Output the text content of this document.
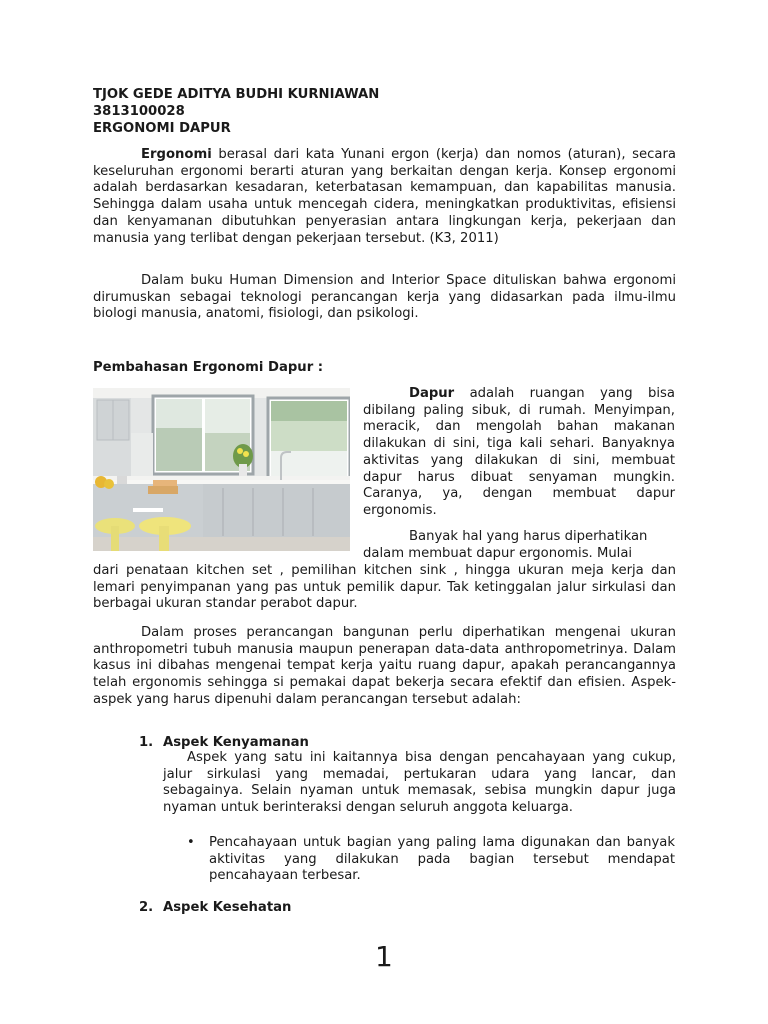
TJOK GEDE ADITYA BUDHI KURNIAWAN
3813100028
ERGONOMI DAPUR

Ergonomi berasal dari kata Yunani ergon (kerja) dan nomos (aturan), secara keseluruhan ergonomi berarti aturan yang berkaitan dengan kerja. Konsep ergonomi adalah berdasarkan kesadaran, keterbatasan kemampuan, dan kapabilitas manusia. Sehingga dalam usaha untuk mencegah cidera, meningkatkan produktivitas, efisiensi dan kenyamanan dibutuhkan penyerasian antara lingkungan kerja, pekerjaan dan manusia yang terlibat dengan pekerjaan tersebut. (K3, 2011)

Dalam buku Human Dimension and Interior Space dituliskan bahwa ergonomi dirumuskan sebagai teknologi perancangan kerja yang didasarkan pada ilmu-ilmu biologi manusia, anatomi, fisiologi, dan psikologi.

Pembahasan Ergonomi Dapur :

Dapur adalah ruangan yang bisa dibilang paling sibuk, di rumah. Menyimpan, meracik, dan mengolah bahan makanan dilakukan di sini, tiga kali sehari. Banyaknya aktivitas yang dilakukan di sini, membuat dapur harus dibuat senyaman mungkin. Caranya, ya, dengan membuat dapur ergonomis.

Banyak hal yang harus diperhatikan

dalam membuat dapur ergonomis. Mulai

dari penataan kitchen set , pemilihan kitchen sink , hingga ukuran meja kerja dan lemari penyimpanan yang pas untuk pemilik dapur. Tak ketinggalan jalur sirkulasi dan berbagai ukuran standar perabot dapur.

Dalam proses perancangan bangunan perlu diperhatikan mengenai ukuran anthropometri tubuh manusia maupun penerapan data-data anthropometrinya. Dalam kasus ini dibahas mengenai tempat kerja yaitu ruang dapur, apakah perancangannya telah ergonomis sehingga si pemakai dapat bekerja secara efektif dan efisien. Aspek-aspek yang harus dipenuhi dalam perancangan tersebut adalah:

1. Aspek Kenyamanan

Aspek yang satu ini kaitannya bisa dengan pencahayaan yang cukup, jalur sirkulasi yang memadai, pertukaran udara yang lancar, dan sebagainya. Selain nyaman untuk memasak, sebisa mungkin dapur juga nyaman untuk berinteraksi dengan seluruh anggota keluarga.

• Pencahayaan untuk bagian yang paling lama digunakan dan banyak aktivitas yang dilakukan pada bagian tersebut mendapat pencahayaan terbesar.

2. Aspek Kesehatan
1
